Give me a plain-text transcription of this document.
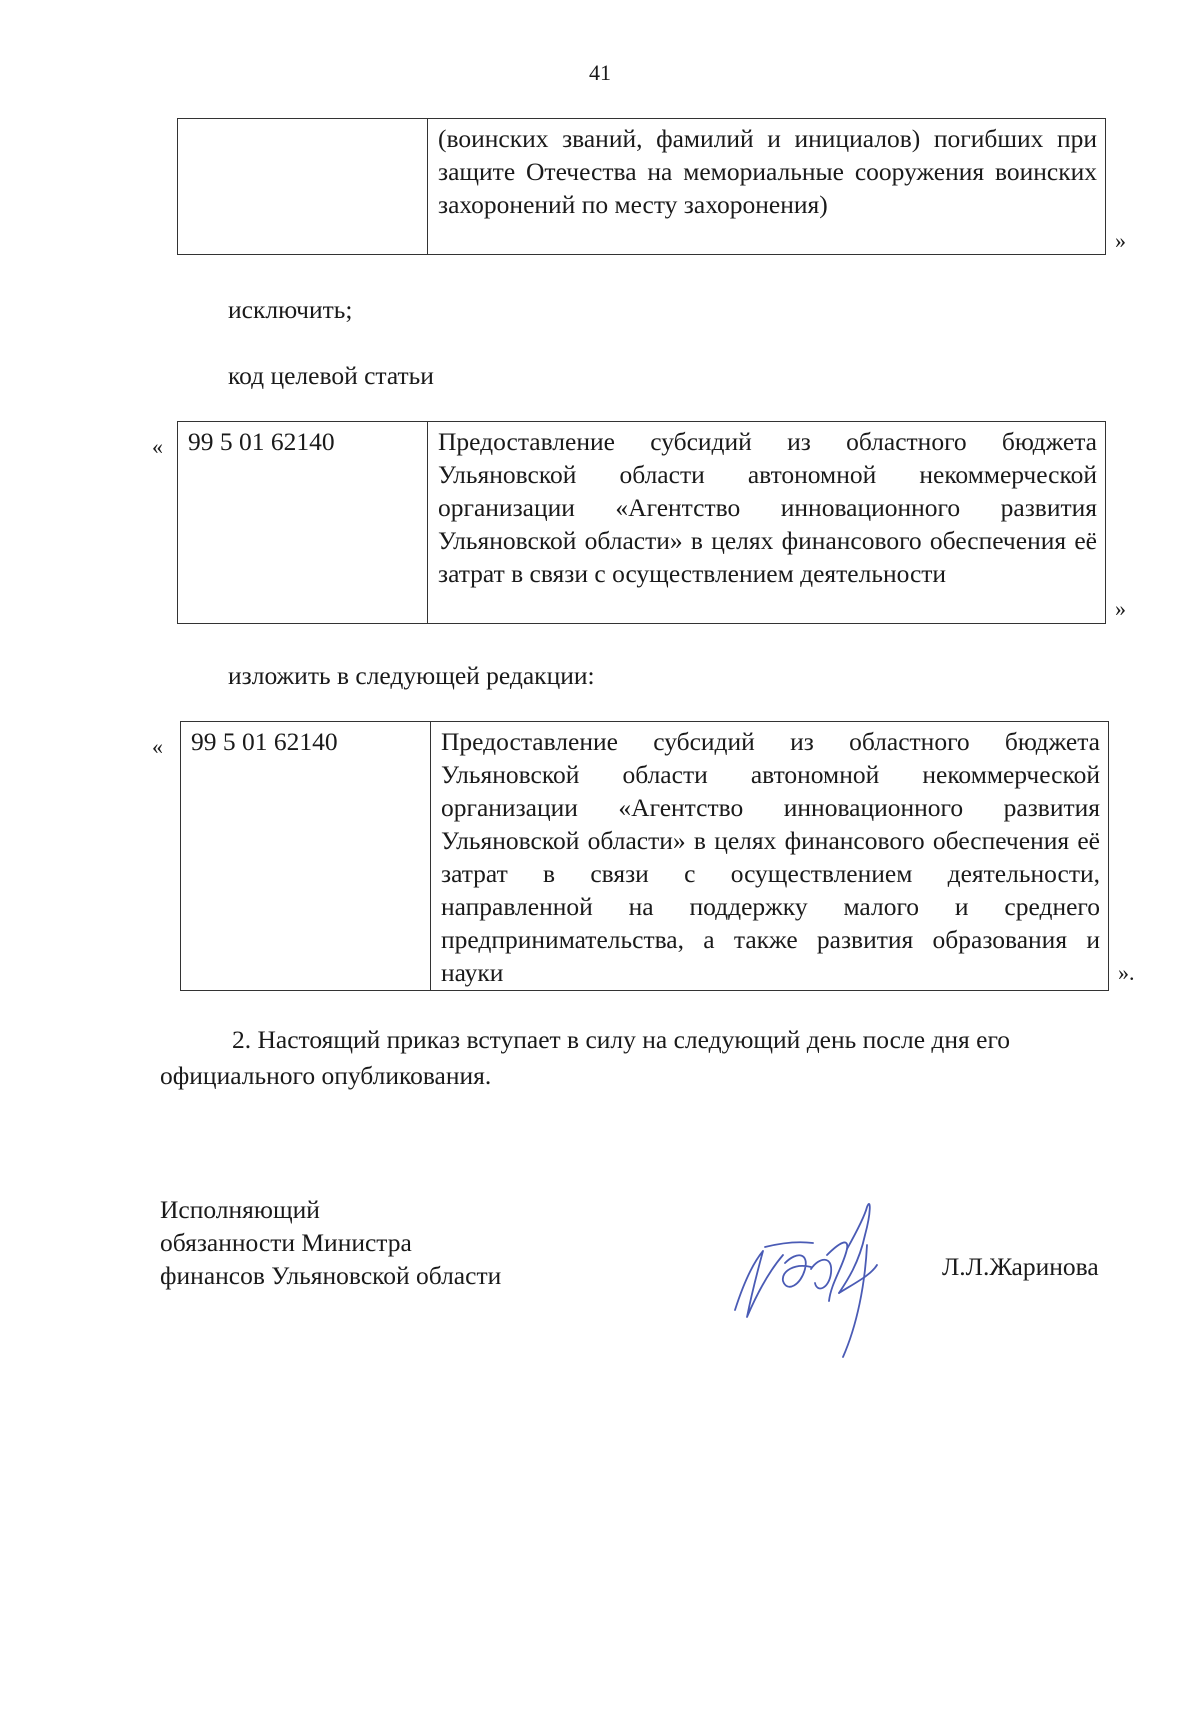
41
	(воинских званий, фамилий и инициалов) погибших при защите Отечества на мемориальные сооружения воинских захоронений по месту захоронения)
»
исключить;
код целевой статьи
« 99 5 01 62140	Предоставление субсидий из областного бюджета Ульяновской области автономной некоммерческой организации «Агентство инновационного развития Ульяновской области» в целях финансового обеспечения её затрат в связи с осуществлением деятельности
»
изложить в следующей редакции:
« 99 5 01 62140	Предоставление субсидий из областного бюджета Ульяновской области автономной некоммерческой организации «Агентство инновационного развития Ульяновской области» в целях финансового обеспечения её затрат в связи с осуществлением деятельности, направленной на поддержку малого и среднего предпринимательства, а также развития образования и науки	».
2. Настоящий приказ вступает в силу на следующий день после дня его
официального опубликования.
Исполняющий
обязанности Министра
финансов Ульяновской области	Л.Л.Жаринова
